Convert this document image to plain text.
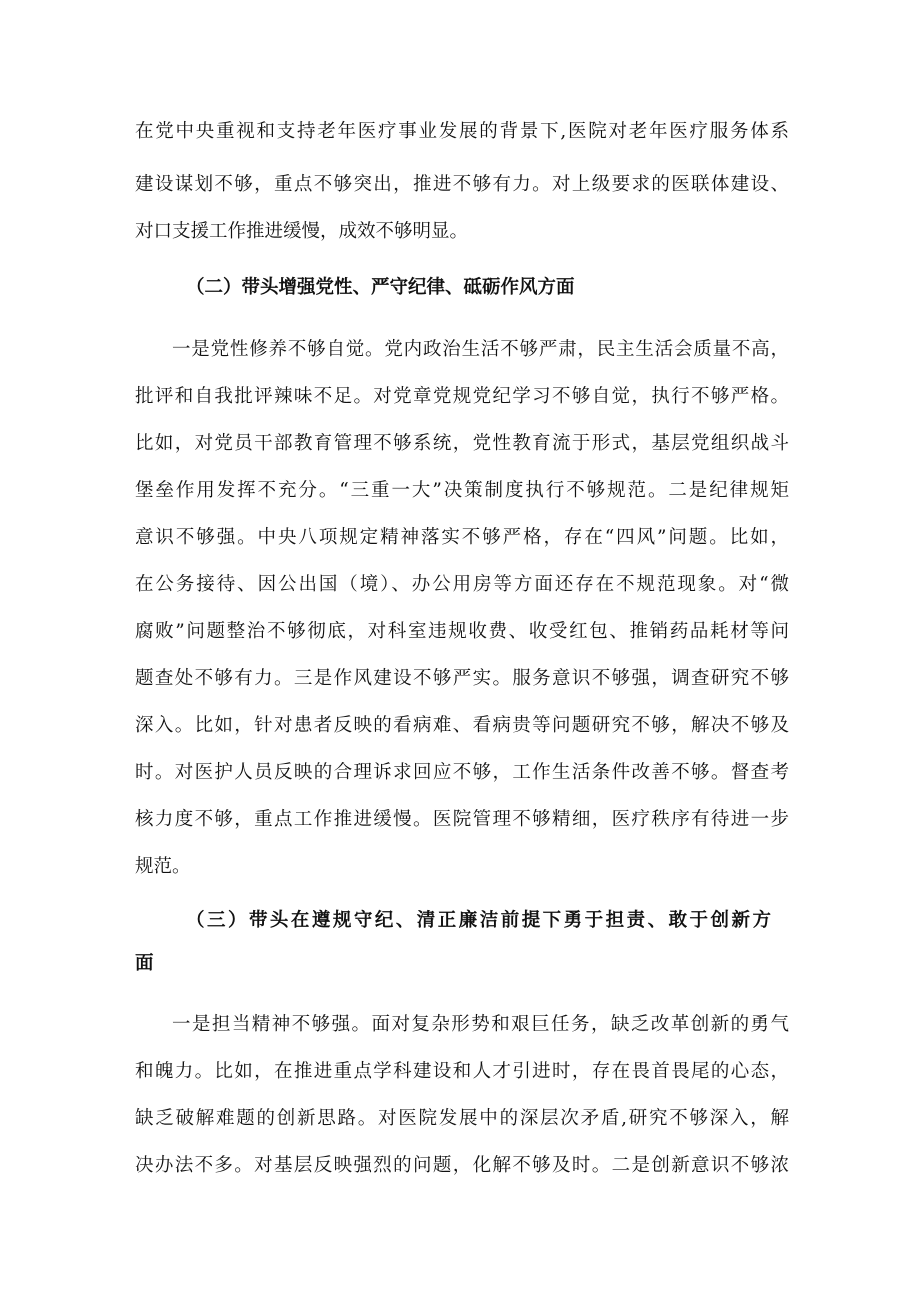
在党中央重视和支持老年医疗事业发展的背景下,医院对老年医疗服务体系
建设谋划不够，重点不够突出，推进不够有力。对上级要求的医联体建设、
对口支援工作推进缓慢，成效不够明显。
（二）带头增强党性、严守纪律、砥砺作风方面
一是党性修养不够自觉。党内政治生活不够严肃，民主生活会质量不高，
批评和自我批评辣味不足。对党章党规党纪学习不够自觉，执行不够严格。
比如，对党员干部教育管理不够系统，党性教育流于形式，基层党组织战斗
堡垒作用发挥不充分。“三重一大”决策制度执行不够规范。二是纪律规矩
意识不够强。中央八项规定精神落实不够严格，存在“四风”问题。比如，
在公务接待、因公出国（境）、办公用房等方面还存在不规范现象。对“微
腐败”问题整治不够彻底，对科室违规收费、收受红包、推销药品耗材等问
题查处不够有力。三是作风建设不够严实。服务意识不够强，调查研究不够
深入。比如，针对患者反映的看病难、看病贵等问题研究不够，解决不够及
时。对医护人员反映的合理诉求回应不够，工作生活条件改善不够。督查考
核力度不够，重点工作推进缓慢。医院管理不够精细，医疗秩序有待进一步
规范。
（三）带头在遵规守纪、清正廉洁前提下勇于担责、敢于创新方
面
一是担当精神不够强。面对复杂形势和艰巨任务，缺乏改革创新的勇气
和魄力。比如，在推进重点学科建设和人才引进时，存在畏首畏尾的心态，
缺乏破解难题的创新思路。对医院发展中的深层次矛盾,研究不够深入，解
决办法不多。对基层反映强烈的问题，化解不够及时。二是创新意识不够浓
